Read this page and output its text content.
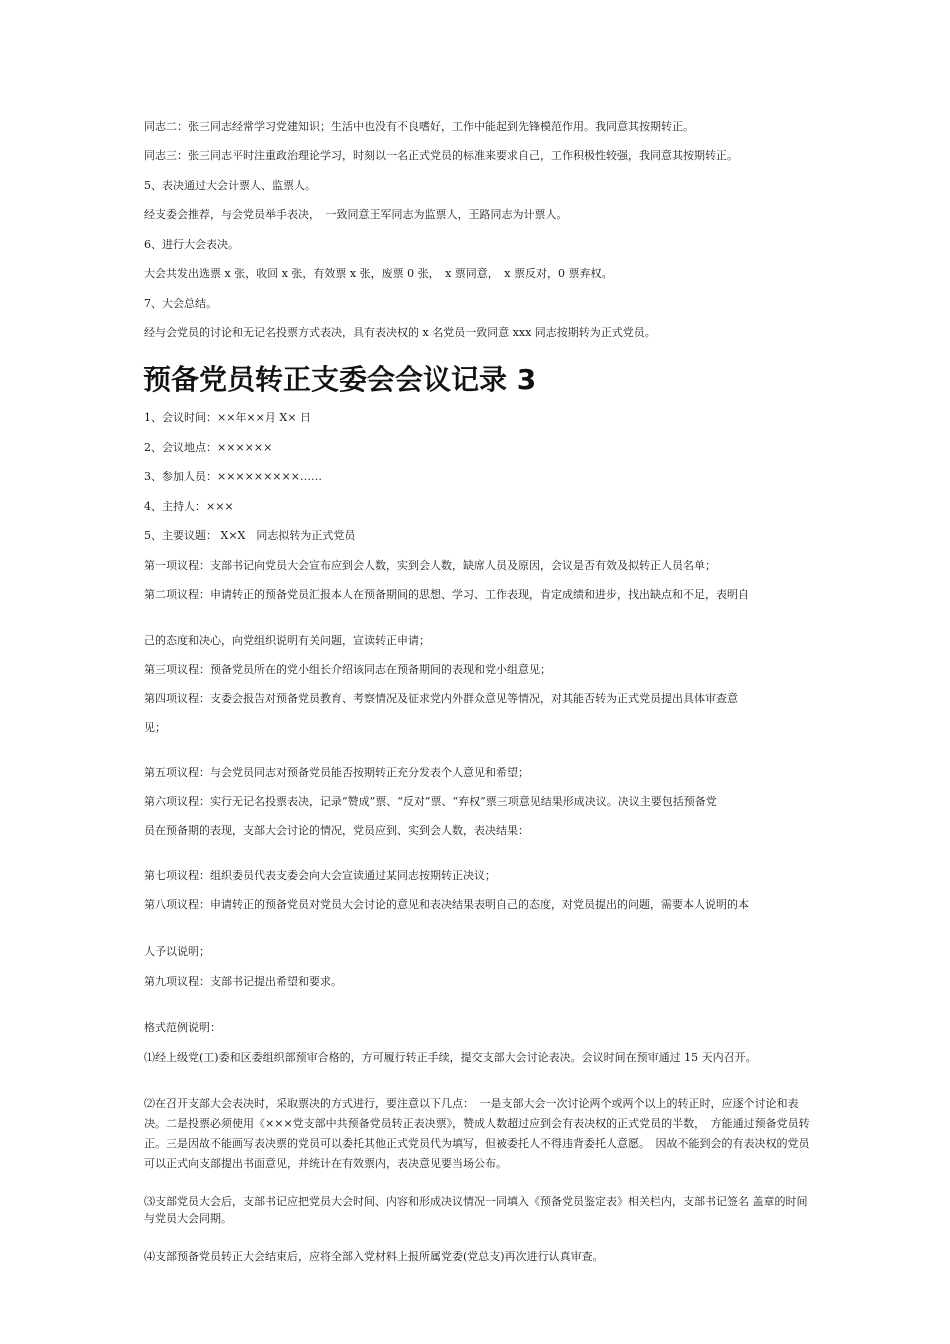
同志二：张三同志经常学习党建知识；生活中也没有不良嗜好，工作中能起到先锋模范作用。我同意其按期转正。
同志三：张三同志平时注重政治理论学习，时刻以一名正式党员的标准来要求自己，工作积极性较强，我同意其按期转正。
5、表决通过大会计票人、监票人。
经支委会推荐，与会党员举手表决，　一致同意王军同志为监票人，王路同志为计票人。
6、进行大会表决。
大会共发出选票 x 张，收回 x 张，有效票 x 张，废票 0 张，　x 票同意，　x 票反对，0 票弃权。
7、大会总结。
经与会党员的讨论和无记名投票方式表决，具有表决权的 x 名党员一致同意 xxx 同志按期转为正式党员。
预备党员转正支委会会议记录 3
1、会议时间：××年××月 X× 日
2、会议地点：××××××
3、参加人员：×××××××××……
4、主持人：×××
5、主要议题： X×X　同志拟转为正式党员
第一项议程：支部书记向党员大会宣布应到会人数，实到会人数，缺席人员及原因，会议是否有效及拟转正人员名单；
第二项议程：申请转正的预备党员汇报本人在预备期间的思想、学习、工作表现，肯定成绩和进步，找出缺点和不足，表明自
己的态度和决心，向党组织说明有关问题，宣读转正申请；
第三项议程：预备党员所在的党小组长介绍该同志在预备期间的表现和党小组意见；
第四项议程：支委会报告对预备党员教育、考察情况及征求党内外群众意见等情况，对其能否转为正式党员提出具体审查意
见；
第五项议程：与会党员同志对预备党员能否按期转正充分发表个人意见和希望；
第六项议程：实行无记名投票表决，记录“赞成”票、“反对”票、“弃权”票三项意见结果形成决议。决议主要包括预备党
员在预备期的表现，支部大会讨论的情况，党员应到、实到会人数，表决结果：
第七项议程：组织委员代表支委会向大会宣读通过某同志按期转正决议；
第八项议程：申请转正的预备党员对党员大会讨论的意见和表决结果表明自己的态度，对党员提出的问题，需要本人说明的本
人予以说明；
第九项议程：支部书记提出希望和要求。
格式范例说明：
⑴经上级党(工)委和区委组织部预审合格的，方可履行转正手续，提交支部大会讨论表决。会议时间在预审通过 15 天内召开。
⑵在召开支部大会表决时，采取票决的方式进行，要注意以下几点：　一是支部大会一次讨论两个或两个以上的转正时，应逐个讨论和表决。二是投票必须使用《×××党支部中共预备党员转正表决票》，赞成人数超过应到会有表决权的正式党员的半数，　方能通过预备党员转正。三是因故不能画写表决票的党员可以委托其他正式党员代为填写，但被委托人不得违背委托人意愿。　因故不能到会的有表决权的党员可以正式向支部提出书面意见，并统计在有效票内，表决意见要当场公布。
⑶支部党员大会后，支部书记应把党员大会时间、内容和形成决议情况一同填入《预备党员鉴定表》相关栏内，支部书记签名 盖章的时间与党员大会同期。
⑷支部预备党员转正大会结束后，应将全部入党材料上报所属党委(党总支)再次进行认真审查。
